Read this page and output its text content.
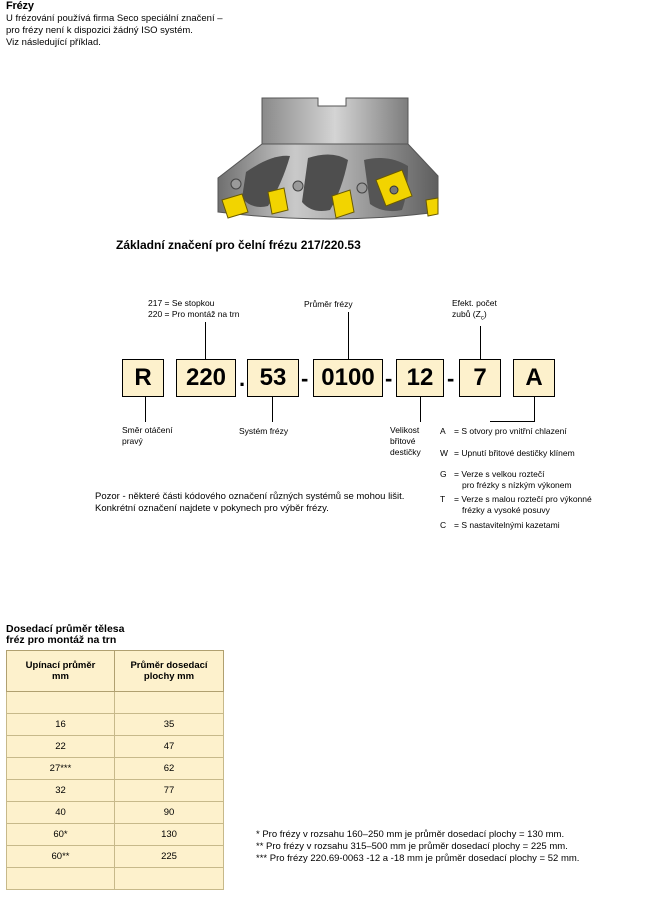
Frézy
U frézování používá firma Seco speciální značení –
pro frézy není k dispozici žádný ISO systém.
Viz následující příklad.
Základní značení pro čelní frézu 217/220.53
217 = Se stopkou
220 = Pro montáž na trn
Průměr frézy	Efekt. počet
zubů $(Z_c)$
R	220 . 53 - 0100 - 12 - 7	A
Směr otáčení
pravý
Systém frézy	Velikost
břitové
destičky
A = S otvory pro vnitřní chlazení
W = Upnutí břitové destičky klínem
G = Verze s velkou roztečí
pro frézky s nízkým výkonem
T = Verze s malou roztečí pro výkonné
frézky a vysoké posuvy
C = S nastavitelnými kazetami
Pozor - některé části kódového označení různých systémů se mohou lišit.
Konkrétní označení najdete v pokynech pro výběr frézy.
Dosedací průměr tělesa
fréz pro montáž na trn
Upínací průměr
mm	Průměr dosedací
plochy mm

16	35
22	47
27***	62
32	77
40	90
60*	130
60**	225

* Pro frézy v rozsahu 160–250 mm je průměr dosedací plochy = 130 mm.
** Pro frézy v rozsahu 315–500 mm je průměr dosedací plochy = 225 mm.
*** Pro frézy 220.69-0063 -12 a -18 mm je průměr dosedací plochy = 52 mm.
